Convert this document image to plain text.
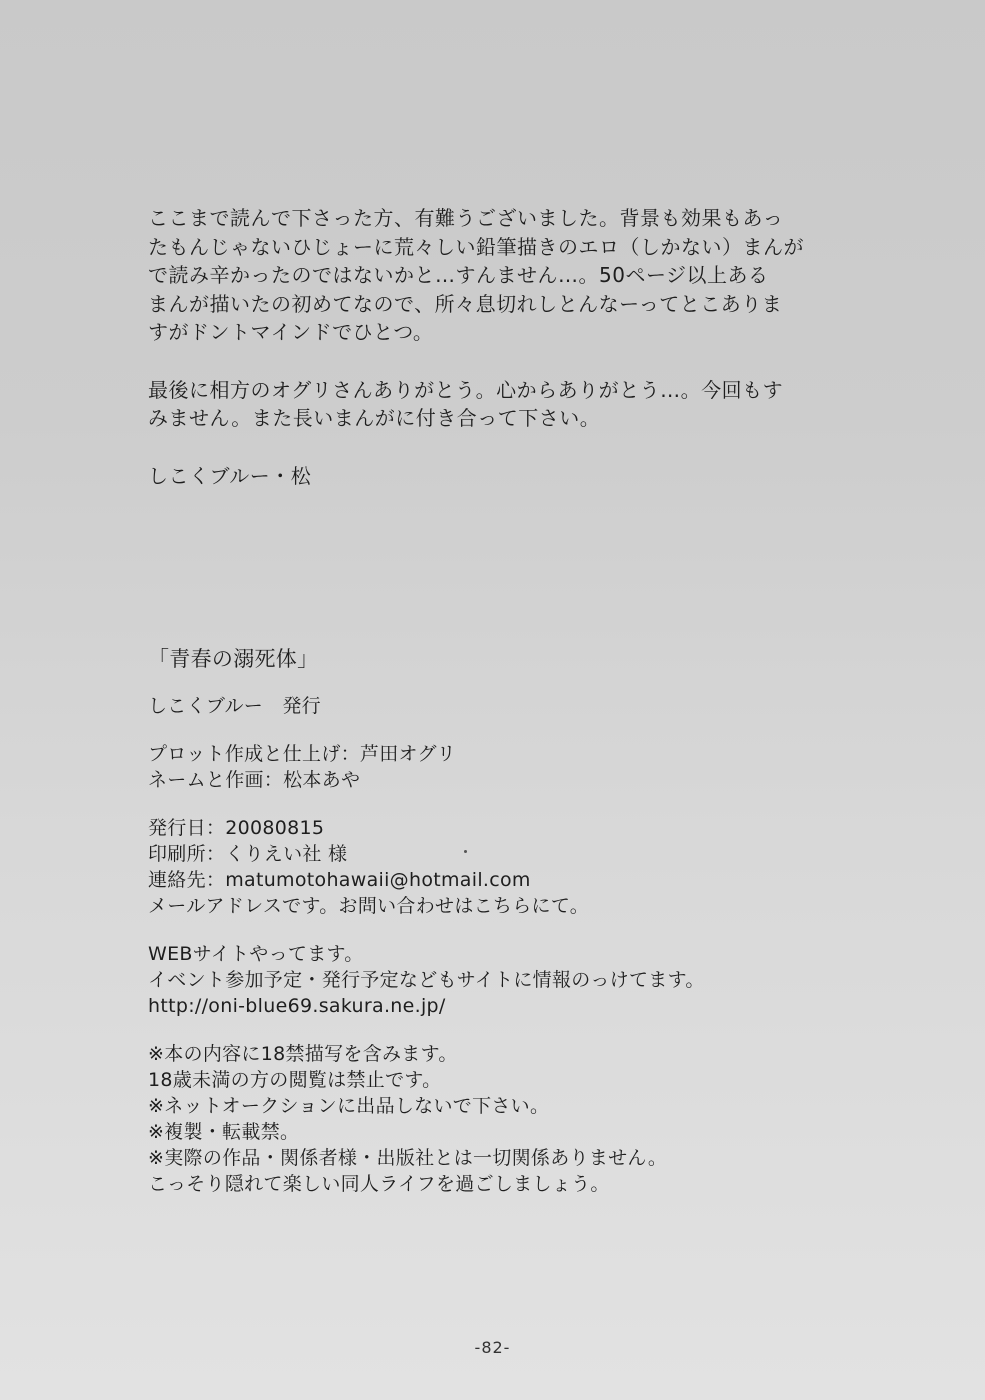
ここまで読んで下さった方、有難うございました。背景も効果もあっ
たもんじゃないひじょーに荒々しい鉛筆描きのエロ（しかない）まんが
で読み辛かったのではないかと…すんません…。50ページ以上ある
まんが描いたの初めてなので、所々息切れしとんなーってとこありま
すがドントマインドでひとつ。
最後に相方のオグリさんありがとう。心からありがとう…。今回もす
みません。また長いまんがに付き合って下さい。
しこくブルー・松
「青春の溺死体」
しこくブルー　発行
プロット作成と仕上げ：芦田オグリ
ネームと作画：松本あや
発行日：20080815
印刷所：くりえい社 様
連絡先：matumotohawaii@hotmail.com
メールアドレスです。お問い合わせはこちらにて。
WEBサイトやってます。
イベント参加予定・発行予定などもサイトに情報のっけてます。
http://oni-blue69.sakura.ne.jp/
※本の内容に18禁描写を含みます。
18歳未満の方の閲覧は禁止です。
※ネットオークションに出品しないで下さい。
※複製・転載禁。
※実際の作品・関係者様・出版社とは一切関係ありません。
こっそり隠れて楽しい同人ライフを過ごしましょう。
-82-
